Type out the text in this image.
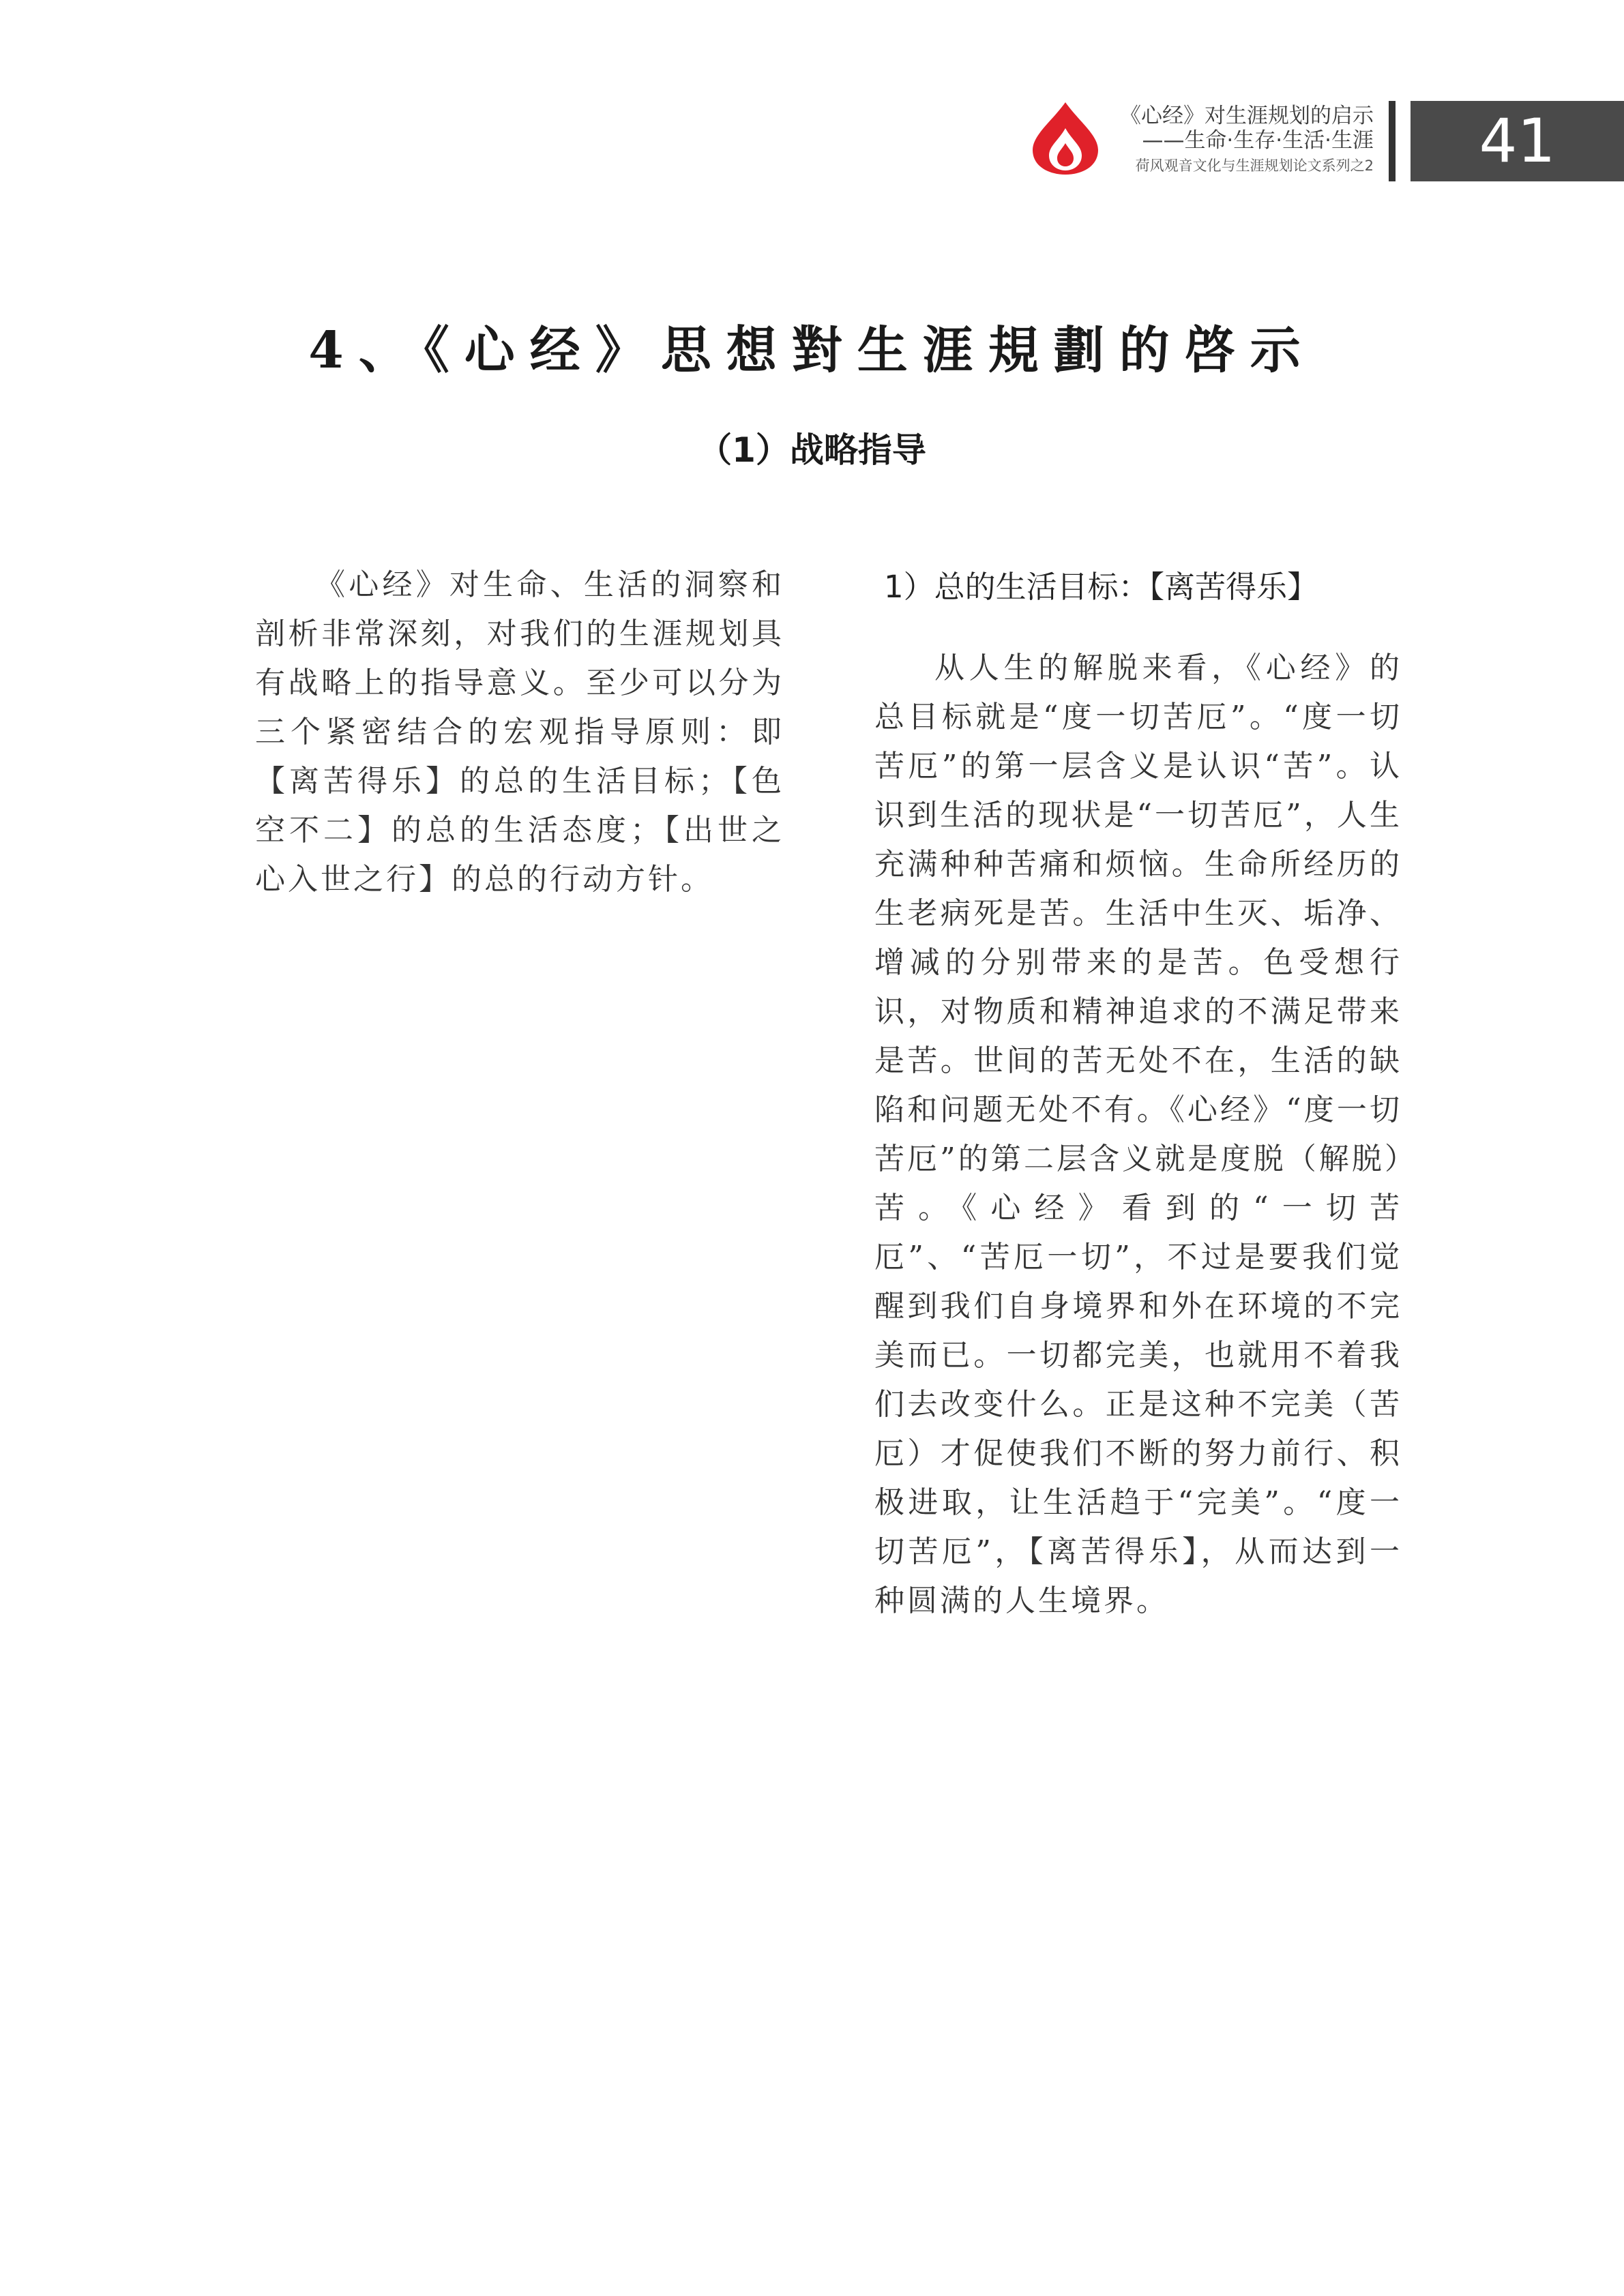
《心经》对生涯规划的启示
——生命·生存·生活·生涯
荷风观音文化与生涯规划论文系列之2	41
4、《心经》思想對生涯規劃的啓示
（1）战略指导
《心经》对生命、生活的洞察和剖析非常深刻，对我们的生涯规划具有战略上的指导意义。至少可以分为三个紧密结合的宏观指导原则：即【离苦得乐】的总的生活目标；【色空不二】的总的生活态度；【出世之心入世之行】的总的行动方针。
1）总的生活目标：【离苦得乐】
从人生的解脱来看，《心经》的总目标就是“度一切苦厄”。“度一切苦厄”的第一层含义是认识“苦”。认识到生活的现状是“一切苦厄”，人生充满种种苦痛和烦恼。生命所经历的生老病死是苦。生活中生灭、垢净、增减的分别带来的是苦。色受想行识，对物质和精神追求的不满足带来是苦。世间的苦无处不在，生活的缺陷和问题无处不有。《心经》“度一切苦厄”的第二层含义就是度脱（解脱）苦。《心经》看到的“一切苦厄”、“苦厄一切”，不过是要我们觉醒到我们自身境界和外在环境的不完美而已。一切都完美，也就用不着我们去改变什么。正是这种不完美（苦厄）才促使我们不断的努力前行、积极进取，让生活趋于“完美”。“度一切苦厄”，【离苦得乐】，从而达到一种圆满的人生境界。
